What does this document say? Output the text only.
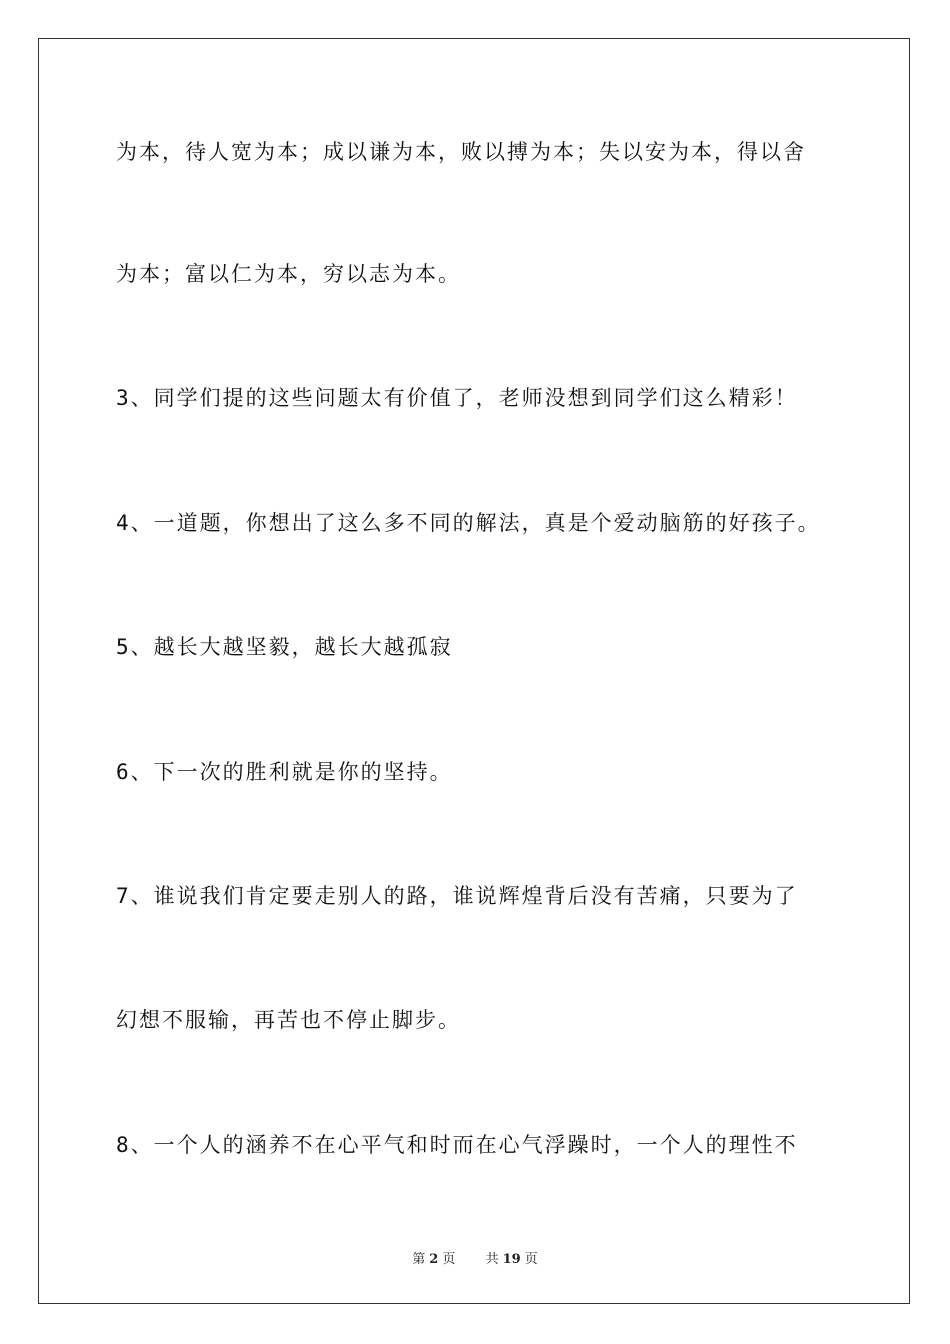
为本，待人宽为本；成以谦为本，败以搏为本；失以安为本，得以舍
为本；富以仁为本，穷以志为本。
3、同学们提的这些问题太有价值了，老师没想到同学们这么精彩！
4、一道题，你想出了这么多不同的解法，真是个爱动脑筋的好孩子。
5、越长大越坚毅，越长大越孤寂
6、下一次的胜利就是你的坚持。
7、谁说我们肯定要走别人的路，谁说辉煌背后没有苦痛，只要为了
幻想不服输，再苦也不停止脚步。
8、一个人的涵养不在心平气和时而在心气浮躁时，一个人的理性不
第 2 页 共 19 页
